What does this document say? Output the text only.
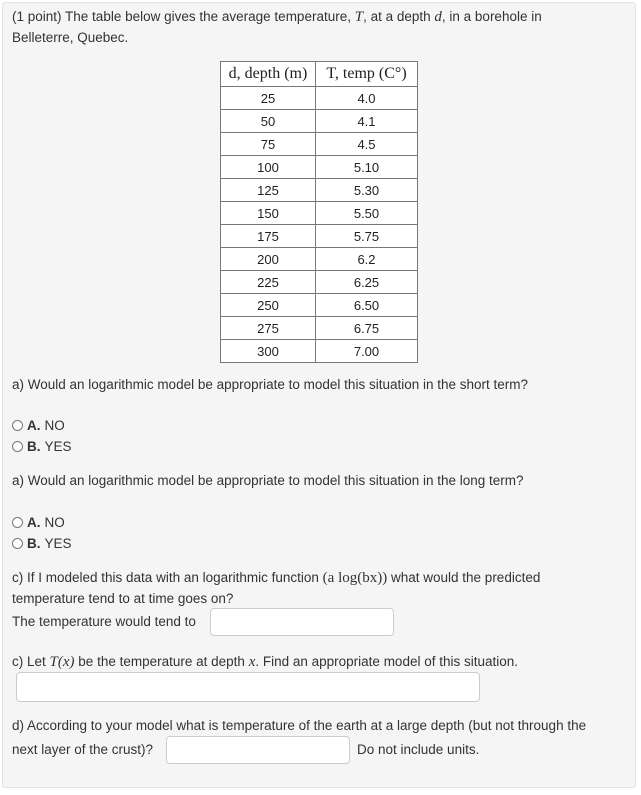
(1 point) The table below gives the average temperature, T, at a depth d, in a borehole in
Belleterre, Quebec.
d, depth (m)	T, temp (C°)
25	4.0
50	4.1
75	4.5
100	5.10
125	5.30
150	5.50
175	5.75
200	6.2
225	6.25
250	6.50
275	6.75
300	7.00
a) Would an logarithmic model be appropriate to model this situation in the short term?
A. NO
B. YES
a) Would an logarithmic model be appropriate to model this situation in the long term?
A. NO
B. YES
c) If I modeled this data with an logarithmic function (a log(bx)) what would the predicted
temperature tend to at time goes on?
The temperature would tend to
c) Let T(x) be the temperature at depth x. Find an appropriate model of this situation.
d) According to your model what is temperature of the earth at a large depth (but not through the
next layer of the crust)?	Do not include units.
